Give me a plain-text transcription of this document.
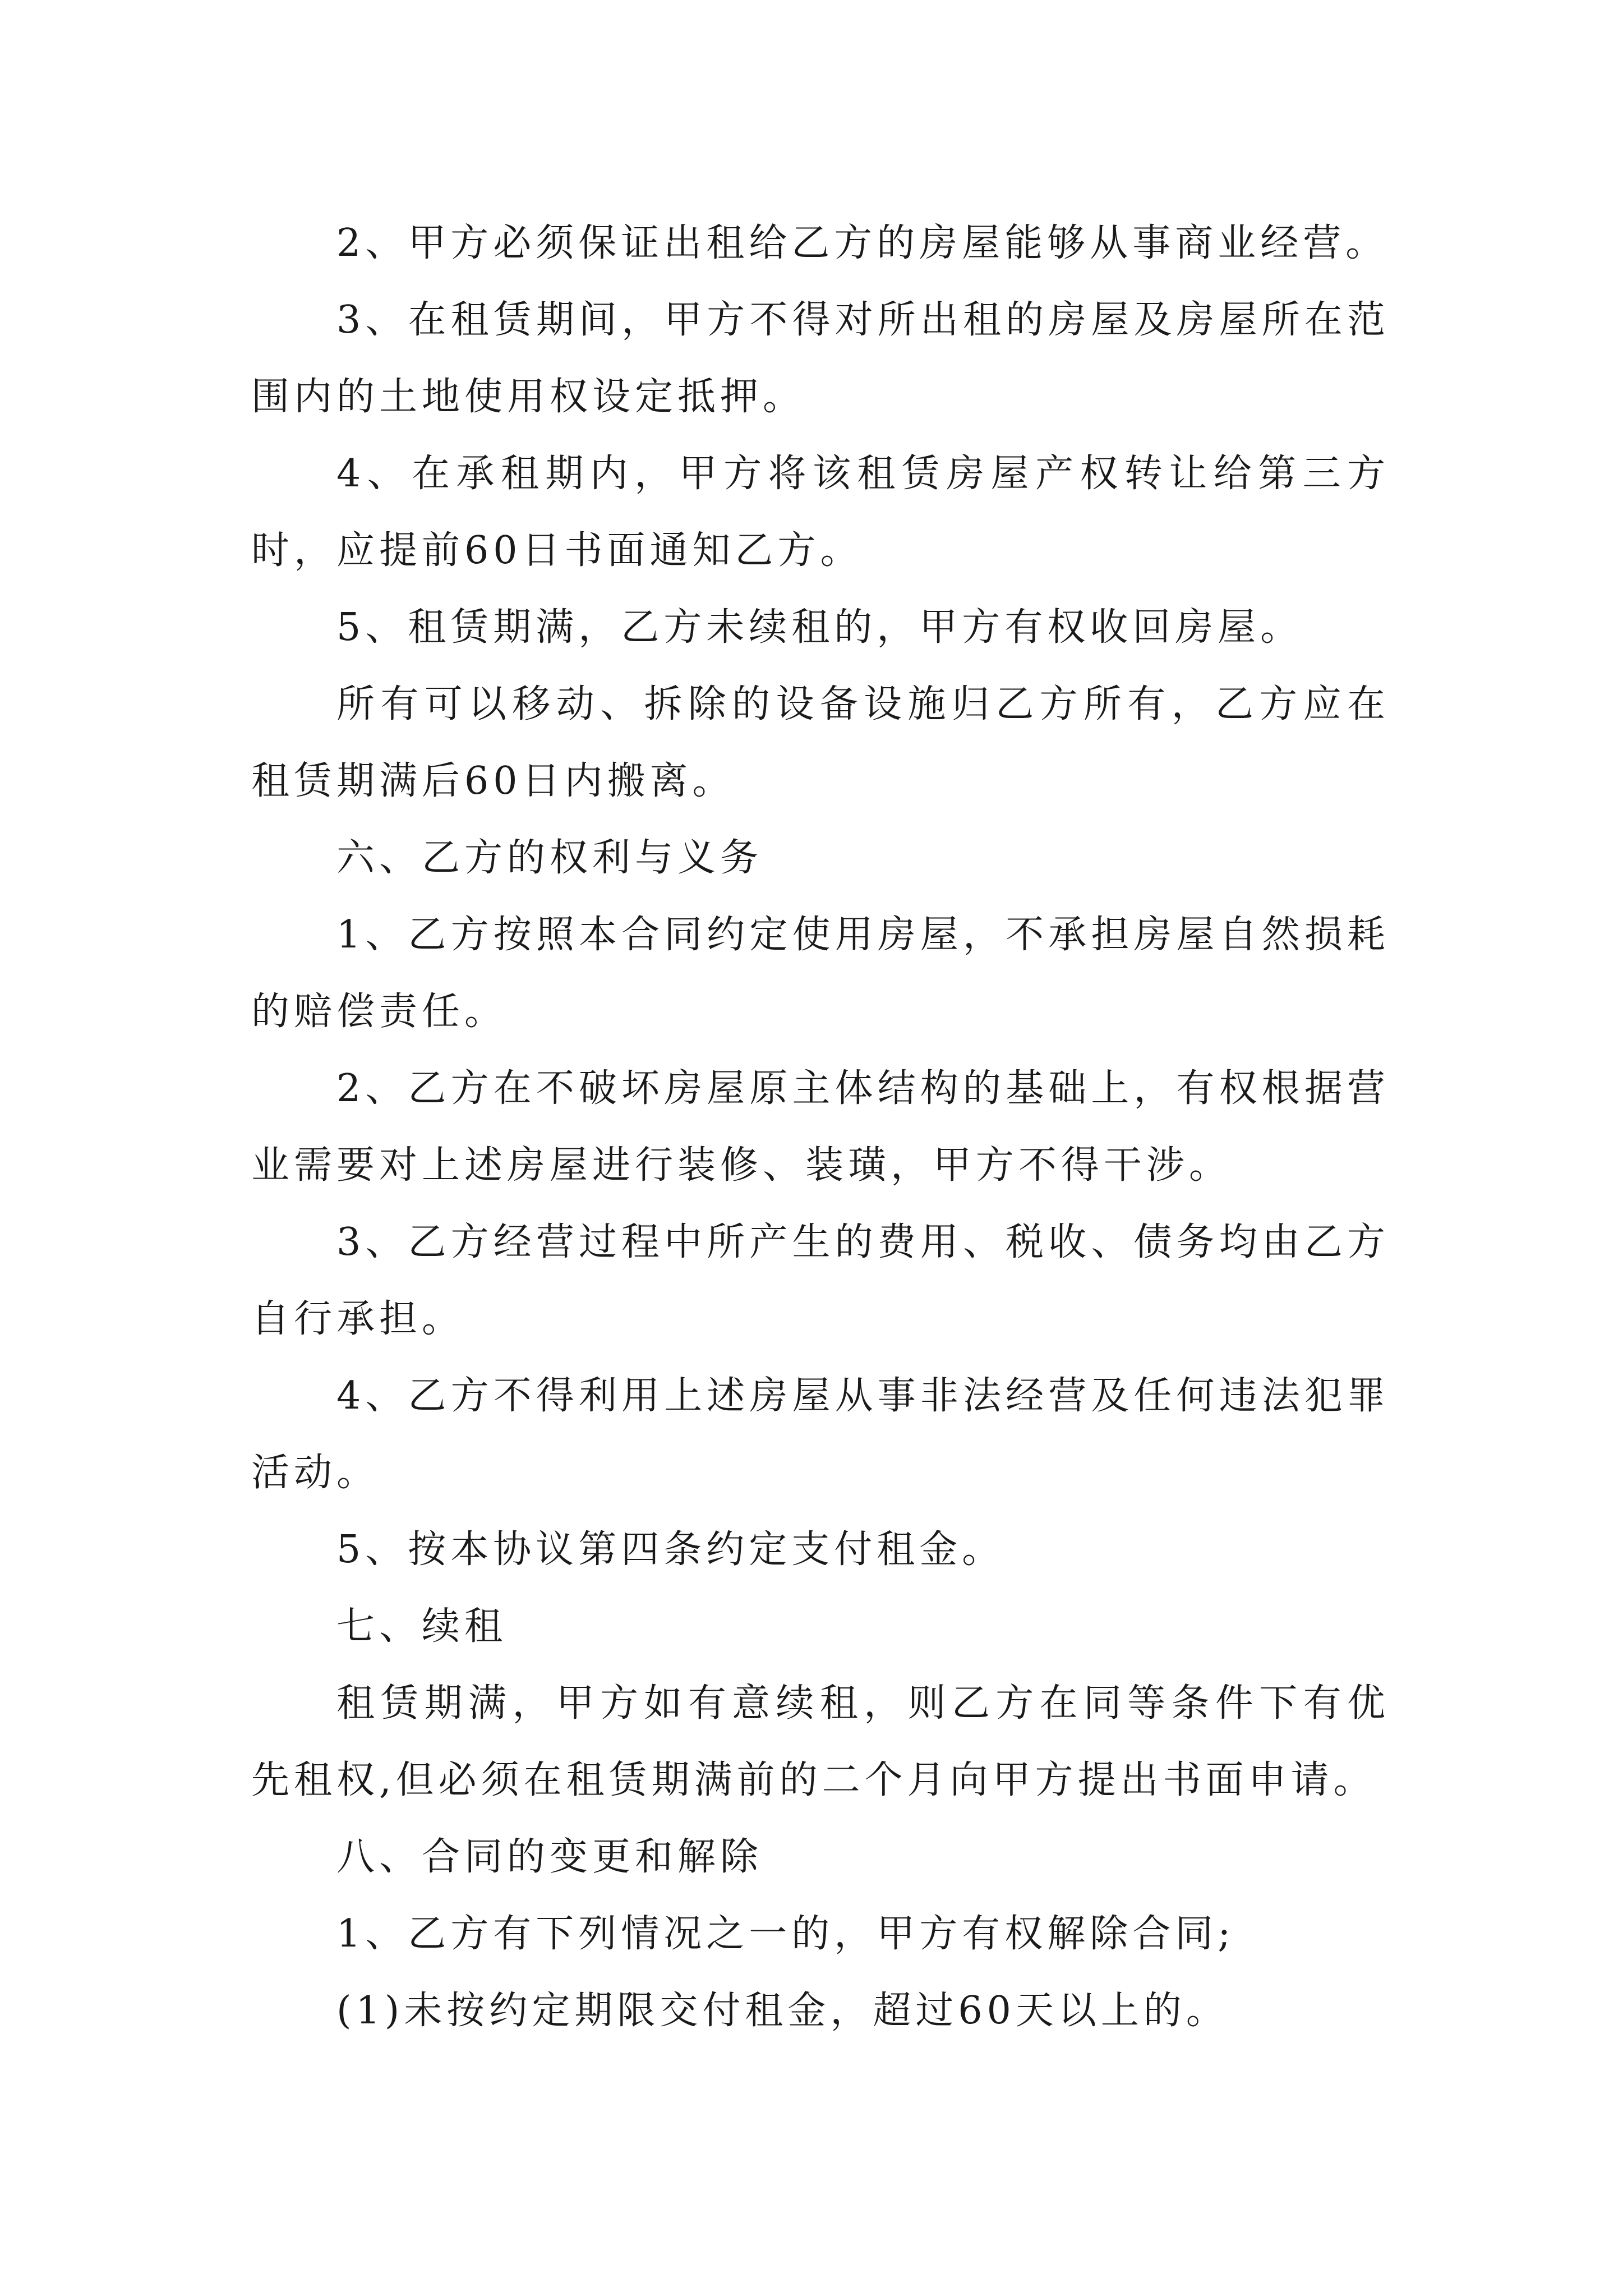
2、甲方必须保证出租给乙方的房屋能够从事商业经营。

3、在租赁期间，甲方不得对所出租的房屋及房屋所在范围内的土地使用权设定抵押。

4、在承租期内，甲方将该租赁房屋产权转让给第三方时，应提前60日书面通知乙方。

5、租赁期满，乙方未续租的，甲方有权收回房屋。

所有可以移动、拆除的设备设施归乙方所有，乙方应在租赁期满后60日内搬离。

六、乙方的权利与义务

1、乙方按照本合同约定使用房屋，不承担房屋自然损耗的赔偿责任。

2、乙方在不破坏房屋原主体结构的基础上，有权根据营业需要对上述房屋进行装修、装璜，甲方不得干涉。

3、乙方经营过程中所产生的费用、税收、债务均由乙方自行承担。

4、乙方不得利用上述房屋从事非法经营及任何违法犯罪活动。

5、按本协议第四条约定支付租金。

七、续租

租赁期满，甲方如有意续租，则乙方在同等条件下有优先租权,但必须在租赁期满前的二个月向甲方提出书面申请。

八、合同的变更和解除

1、乙方有下列情况之一的，甲方有权解除合同;

(1)未按约定期限交付租金，超过60天以上的。
